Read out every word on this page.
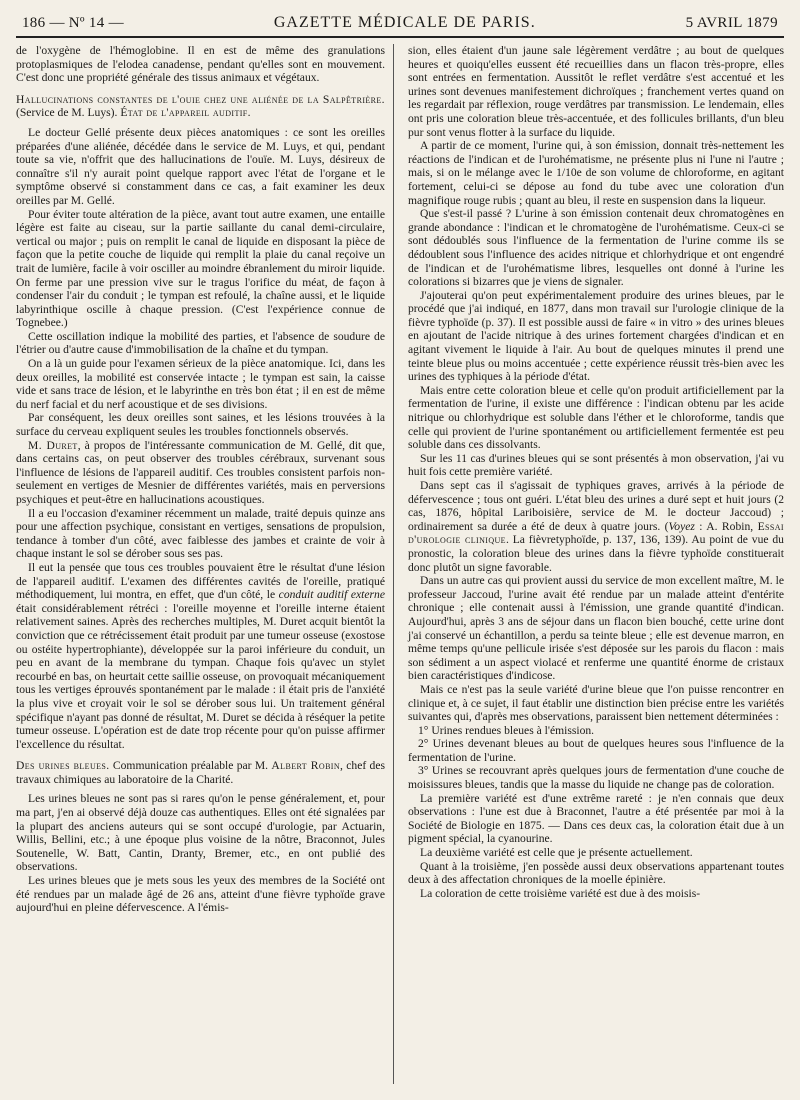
186 — Nº 14 —	GAZETTE MÉDICALE DE PARIS.	5 AVRIL 1879

de l'oxygène de l'hémoglobine. Il en est de même des granulations protoplasmiques de l'elodea canadense, pendant qu'elles sont en mouvement. C'est donc une propriété générale des tissus animaux et végétaux.

Hallucinations constantes de l'ouie chez une aliénée de la Salpêtrière. (Service de M. Luys). État de l'appareil auditif.

Le docteur Gellé présente deux pièces anatomiques : ce sont les oreilles préparées d'une aliénée, décédée dans le service de M. Luys, et qui, pendant toute sa vie, n'offrit que des hallucinations de l'ouïe. M. Luys, désireux de connaître s'il n'y aurait point quelque rapport avec l'état de l'organe et le symptôme observé si constamment dans ce cas, a fait examiner les deux oreilles par M. Gellé.

Pour éviter toute altération de la pièce, avant tout autre examen, une entaille légère est faite au ciseau, sur la partie saillante du canal demi-circulaire, vertical ou major ; puis on remplit le canal de liquide en disposant la pièce de façon que la petite couche de liquide qui remplit la plaie du canal reçoive un trait de lumière, facile à voir osciller au moindre ébranlement du miroir liquide. On ferme par une pression vive sur le tragus l'orifice du méat, de façon à condenser l'air du conduit ; le tympan est refoulé, la chaîne aussi, et le liquide labyrinthique oscille à chaque pression. (C'est l'expérience connue de Tognebee.)

Cette oscillation indique la mobilité des parties, et l'absence de soudure de l'étrier ou d'autre cause d'immobilisation de la chaîne et du tympan.

On a là un guide pour l'examen sérieux de la pièce anatomique. Ici, dans les deux oreilles, la mobilité est conservée intacte ; le tympan est sain, la caisse vide et sans trace de lésion, et le labyrinthe en très bon état ; il en est de même du nerf facial et du nerf acoustique et de ses divisions.

Par conséquent, les deux oreilles sont saines, et les lésions trouvées à la surface du cerveau expliquent seules les troubles fonctionnels observés.

M. Duret, à propos de l'intéressante communication de M. Gellé, dit que, dans certains cas, on peut observer des troubles cérébraux, survenant sous l'influence de lésions de l'appareil auditif. Ces troubles consistent parfois non-seulement en vertiges de Mesnier de différentes variétés, mais en perversions psychiques et peut-être en hallucinations acoustiques.

Il a eu l'occasion d'examiner récemment un malade, traité depuis quinze ans pour une affection psychique, consistant en vertiges, sensations de propulsion, tendance à tomber d'un côté, avec faiblesse des jambes et crainte de voir à chaque instant le sol se dérober sous ses pas.

Il eut la pensée que tous ces troubles pouvaient être le résultat d'une lésion de l'appareil auditif. L'examen des différentes cavités de l'oreille, pratiqué méthodiquement, lui montra, en effet, que d'un côté, le conduit auditif externe était considérablement rétréci : l'oreille moyenne et l'oreille interne étaient relativement saines. Après des recherches multiples, M. Duret acquit bientôt la conviction que ce rétrécissement était produit par une tumeur osseuse (exostose ou ostéite hypertrophiante), développée sur la paroi inférieure du conduit, un peu en avant de la membrane du tympan. Chaque fois qu'avec un stylet recourbé en bas, on heurtait cette saillie osseuse, on provoquait mécaniquement tous les vertiges éprouvés spontanément par le malade : il était pris de l'anxiété la plus vive et croyait voir le sol se dérober sous lui. Un traitement général spécifique n'ayant pas donné de résultat, M. Duret se décida à réséquer la petite tumeur osseuse. L'opération est de date trop récente pour qu'on puisse affirmer l'excellence du résultat.

Des urines bleues. Communication préalable par M. Albert Robin, chef des travaux chimiques au laboratoire de la Charité.

Les urines bleues ne sont pas si rares qu'on le pense généralement, et, pour ma part, j'en ai observé déjà douze cas authentiques. Elles ont été signalées par la plupart des anciens auteurs qui se sont occupé d'urologie, par Actuarin, Willis, Bellini, etc.; à une époque plus voisine de la nôtre, Braconnot, Jules Soutenelle, W. Batt, Cantin, Dranty, Bremer, etc., en ont publié des observations.

Les urines bleues que je mets sous les yeux des membres de la Société ont été rendues par un malade âgé de 26 ans, atteint d'une fièvre typhoïde grave aujourd'hui en pleine défervescence. A l'émis-

sion, elles étaient d'un jaune sale légèrement verdâtre ; au bout de quelques heures et quoiqu'elles eussent été recueillies dans un flacon très-propre, elles sont entrées en fermentation. Aussitôt le reflet verdâtre s'est accentué et les urines sont devenues manifestement dichroïques ; franchement vertes quand on les regardait par réflexion, rouge verdâtres par transmission. Le lendemain, elles ont pris une coloration bleue très-accentuée, et des follicules brillants, d'un bleu pur sont venus flotter à la surface du liquide.

A partir de ce moment, l'urine qui, à son émission, donnait très-nettement les réactions de l'indican et de l'urohématisme, ne présente plus ni l'une ni l'autre ; mais, si on le mélange avec le 1/10e de son volume de chloroforme, en agitant fortement, celui-ci se dépose au fond du tube avec une coloration d'un magnifique rouge rubis ; quant au bleu, il reste en suspension dans la liqueur.

Que s'est-il passé ? L'urine à son émission contenait deux chromatogènes en grande abondance : l'indican et le chromatogène de l'urohématisme. Ceux-ci se sont dédoublés sous l'influence de la fermentation de l'urine comme ils se dédoublent sous l'influence des acides nitrique et chlorhydrique et ont engendré de l'indican et de l'urohématisme libres, lesquelles ont donné à l'urine les colorations si bizarres que je viens de signaler.

J'ajouterai qu'on peut expérimentalement produire des urines bleues, par le procédé que j'ai indiqué, en 1877, dans mon travail sur l'urologie clinique de la fièvre typhoïde (p. 37). Il est possible aussi de faire « in vitro » des urines bleues en ajoutant de l'acide nitrique à des urines fortement chargées d'indican et en agitant vivement le liquide à l'air. Au bout de quelques minutes il prend une teinte bleue plus ou moins accentuée ; cette expérience réussit très-bien avec les urines des typhiques à la période d'état.

Mais entre cette coloration bleue et celle qu'on produit artificiellement par la fermentation de l'urine, il existe une différence : l'indican obtenu par les acide nitrique ou chlorhydrique est soluble dans l'éther et le chloroforme, tandis que celle qui provient de l'urine spontanément ou artificiellement fermentée est peu soluble dans ces dissolvants.

Sur les 11 cas d'urines bleues qui se sont présentés à mon observation, j'ai vu huit fois cette première variété.

Dans sept cas il s'agissait de typhiques graves, arrivés à la période de défervescence ; tous ont guéri. L'état bleu des urines a duré sept et huit jours (2 cas, 1876, hôpital Lariboisière, service de M. le docteur Jaccoud) ; ordinairement sa durée a été de deux à quatre jours. (Voyez : A. Robin, Essai d'urologie clinique. La fièvretyphoïde, p. 137, 136, 139). Au point de vue du pronostic, la coloration bleue des urines dans la fièvre typhoïde constituerait donc plutôt un signe favorable.

Dans un autre cas qui provient aussi du service de mon excellent maître, M. le professeur Jaccoud, l'urine avait été rendue par un malade atteint d'entérite chronique ; elle contenait aussi à l'émission, une grande quantité d'indican. Aujourd'hui, après 3 ans de séjour dans un flacon bien bouché, cette urine dont j'ai conservé un échantillon, a perdu sa teinte bleue ; elle est devenue marron, en même temps qu'une pellicule irisée s'est déposée sur les parois du flacon : mais son sédiment a un aspect violacé et renferme une quantité énorme de cristaux bien caractéristiques d'indicose.

Mais ce n'est pas la seule variété d'urine bleue que l'on puisse rencontrer en clinique et, à ce sujet, il faut établir une distinction bien précise entre les variétés suivantes qui, d'après mes observations, paraissent bien nettement déterminées :

1° Urines rendues bleues à l'émission.

2° Urines devenant bleues au bout de quelques heures sous l'influence de la fermentation de l'urine.

3° Urines se recouvrant après quelques jours de fermentation d'une couche de moisissures bleues, tandis que la masse du liquide ne change pas de coloration.

La première variété est d'une extrême rareté : je n'en connais que deux observations : l'une est due à Braconnet, l'autre a été présentée par moi à la Société de Biologie en 1875. — Dans ces deux cas, la coloration était due à un pigment spécial, la cyanourine.

La deuxième variété est celle que je présente actuellement.

Quant à la troisième, j'en possède aussi deux observations appartenant toutes deux à des affectation chroniques de la moelle épinière.

La coloration de cette troisième variété est due à des moisis-
